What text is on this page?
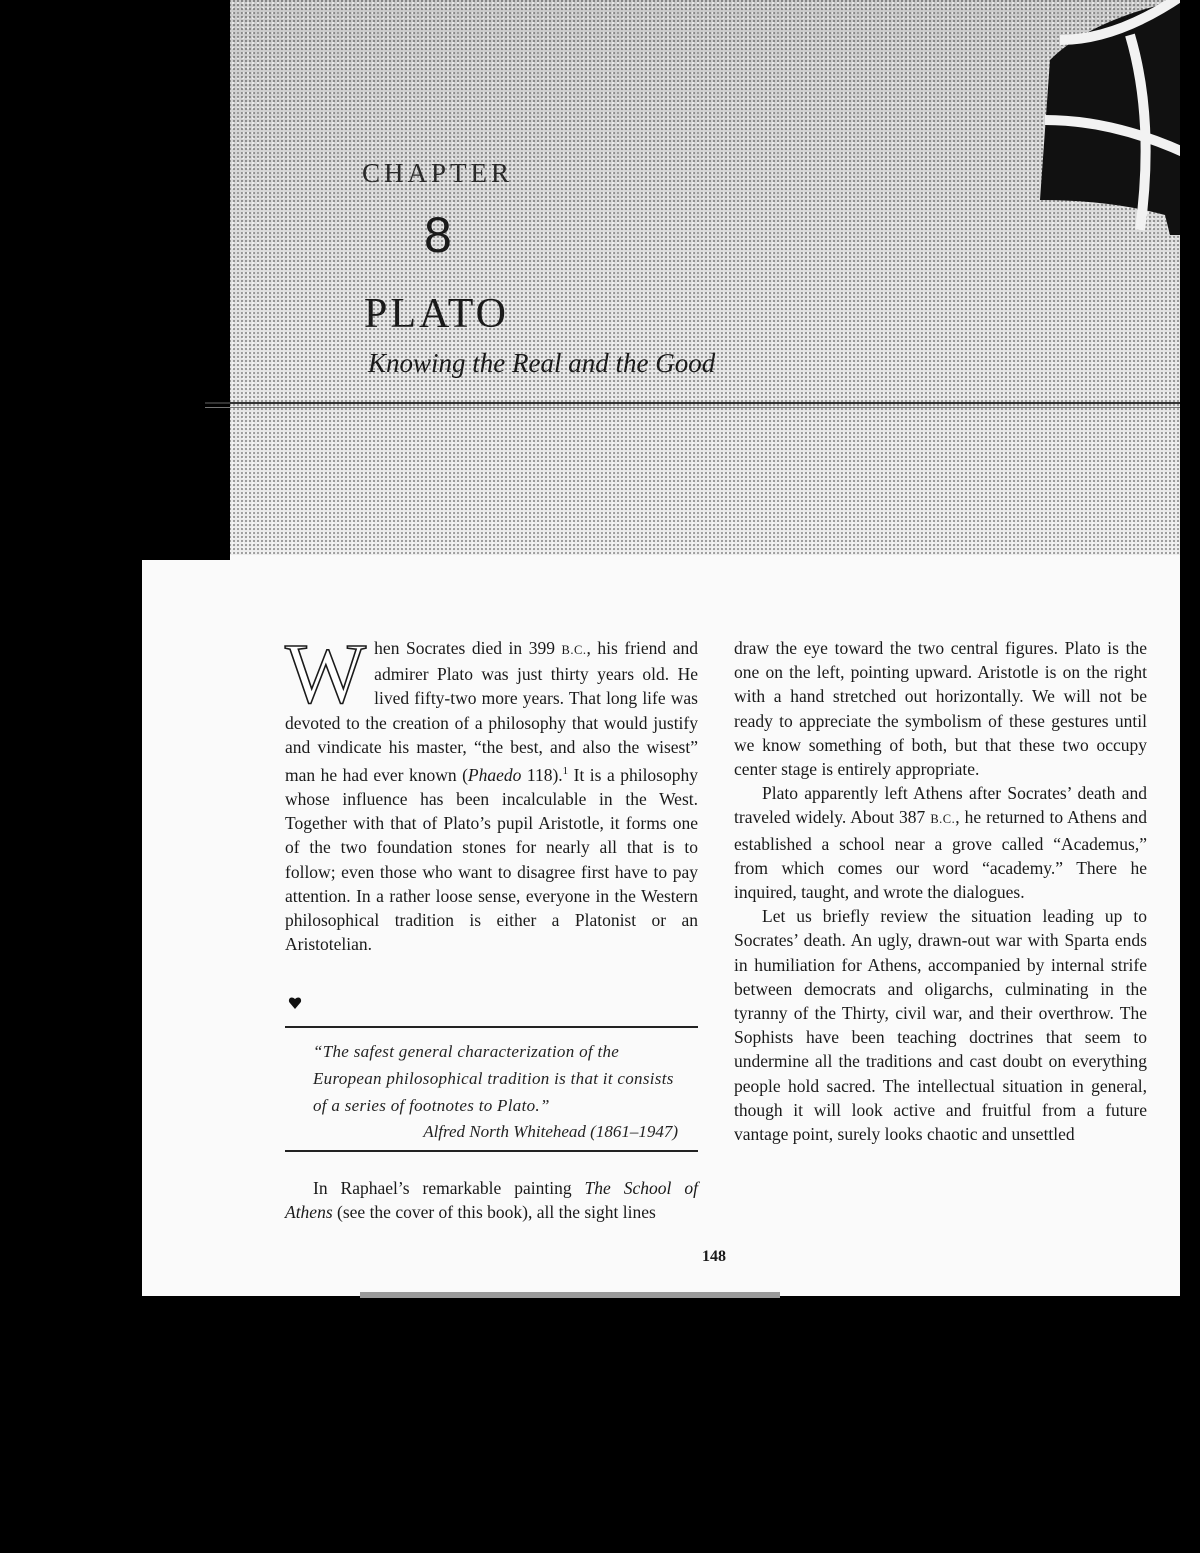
CHAPTER
8
PLATO
Knowing the Real and the Good

When Socrates died in 399 B.C., his friend and admirer Plato was just thirty years old. He lived fifty-two more years. That long life was devoted to the creation of a philosophy that would justify and vindicate his master, “the best, and also the wisest” man he had ever known (Phaedo 118).$^1$ It is a philosophy whose influence has been incalculable in the West. Together with that of Plato’s pupil Aristotle, it forms one of the two foundation stones for nearly all that is to follow; even those who want to disagree first have to pay attention. In a rather loose sense, everyone in the Western philosophical tradition is either a Platonist or an Aristotelian.

“The safest general characterization of the European philosophical tradition is that it consists of a series of footnotes to Plato.”
Alfred North Whitehead (1861–1947)

In Raphael’s remarkable painting The School of Athens (see the cover of this book), all the sight lines

draw the eye toward the two central figures. Plato is the one on the left, pointing upward. Aristotle is on the right with a hand stretched out horizontally. We will not be ready to appreciate the symbolism of these gestures until we know something of both, but that these two occupy center stage is entirely appropriate.

Plato apparently left Athens after Socrates’ death and traveled widely. About 387 B.C., he returned to Athens and established a school near a grove called “Academus,” from which comes our word “academy.” There he inquired, taught, and wrote the dialogues.

Let us briefly review the situation leading up to Socrates’ death. An ugly, drawn-out war with Sparta ends in humiliation for Athens, accompanied by internal strife between democrats and oligarchs, culminating in the tyranny of the Thirty, civil war, and their overthrow. The Sophists have been teaching doctrines that seem to undermine all the traditions and cast doubt on everything people hold sacred. The intellectual situation in general, though it will look active and fruitful from a future vantage point, surely looks chaotic and unsettled

148
